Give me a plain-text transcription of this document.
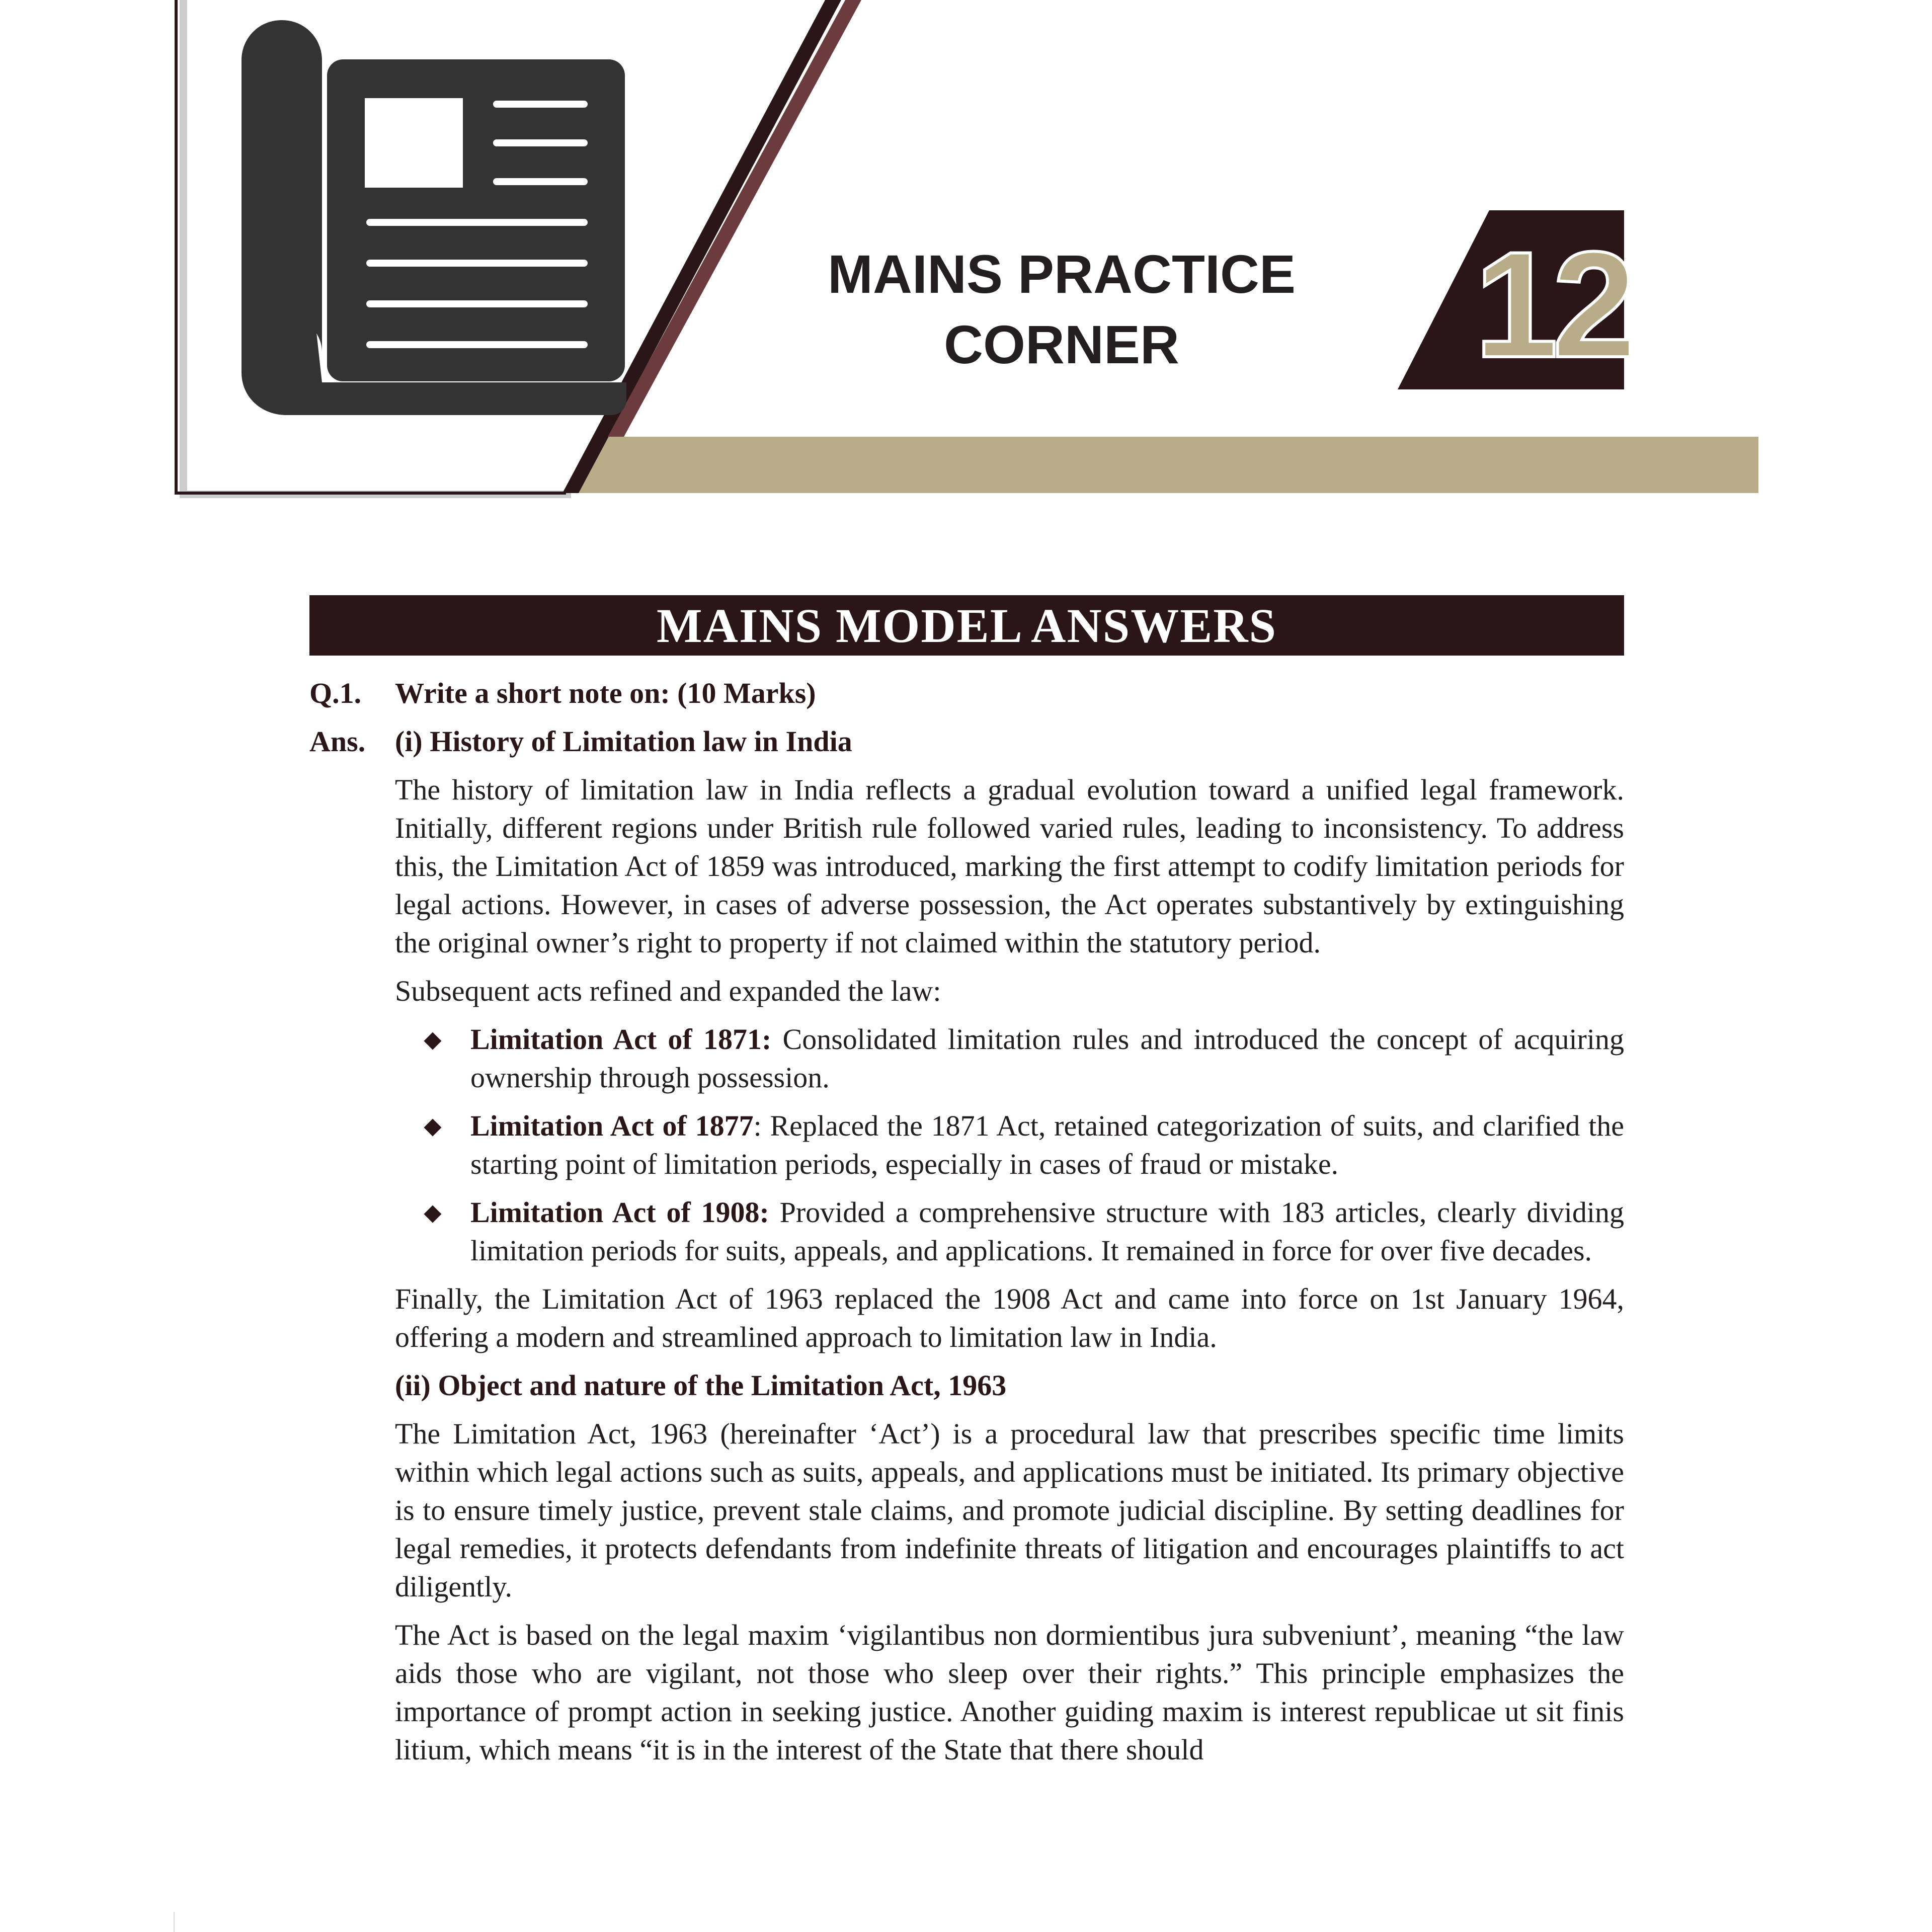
MAINS PRACTICE
CORNER	12
MAINS MODEL ANSWERS
Q.1.	Write a short note on: (10 Marks)
Ans.	(i) History of Limitation law in India

The history of limitation law in India reflects a gradual evolution toward a unified legal framework. Initially, different regions under British rule followed varied rules, leading to inconsistency. To address this, the Limitation Act of 1859 was introduced, marking the first attempt to codify limitation periods for legal actions. However, in cases of adverse possession, the Act operates substantively by extinguishing the original owner’s right to property if not claimed within the statutory period.

Subsequent acts refined and expanded the law:

◆ Limitation Act of 1871: Consolidated limitation rules and introduced the concept of acquiring ownership through possession.
◆ Limitation Act of 1877: Replaced the 1871 Act, retained categorization of suits, and clarified the starting point of limitation periods, especially in cases of fraud or mistake.
◆ Limitation Act of 1908: Provided a comprehensive structure with 183 articles, clearly dividing limitation periods for suits, appeals, and applications. It remained in force for over five decades.

Finally, the Limitation Act of 1963 replaced the 1908 Act and came into force on 1st January 1964, offering a modern and streamlined approach to limitation law in India.

(ii) Object and nature of the Limitation Act, 1963

The Limitation Act, 1963 (hereinafter ‘Act’) is a procedural law that prescribes specific time limits within which legal actions such as suits, appeals, and applications must be initiated. Its primary objective is to ensure timely justice, prevent stale claims, and promote judicial discipline. By setting deadlines for legal remedies, it protects defendants from indefinite threats of litigation and encourages plaintiffs to act diligently.

The Act is based on the legal maxim ‘vigilantibus non dormientibus jura subveniunt’, meaning “the law aids those who are vigilant, not those who sleep over their rights.” This principle emphasizes the importance of prompt action in seeking justice. Another guiding maxim is interest republicae ut sit finis litium, which means “it is in the interest of the State that there should
